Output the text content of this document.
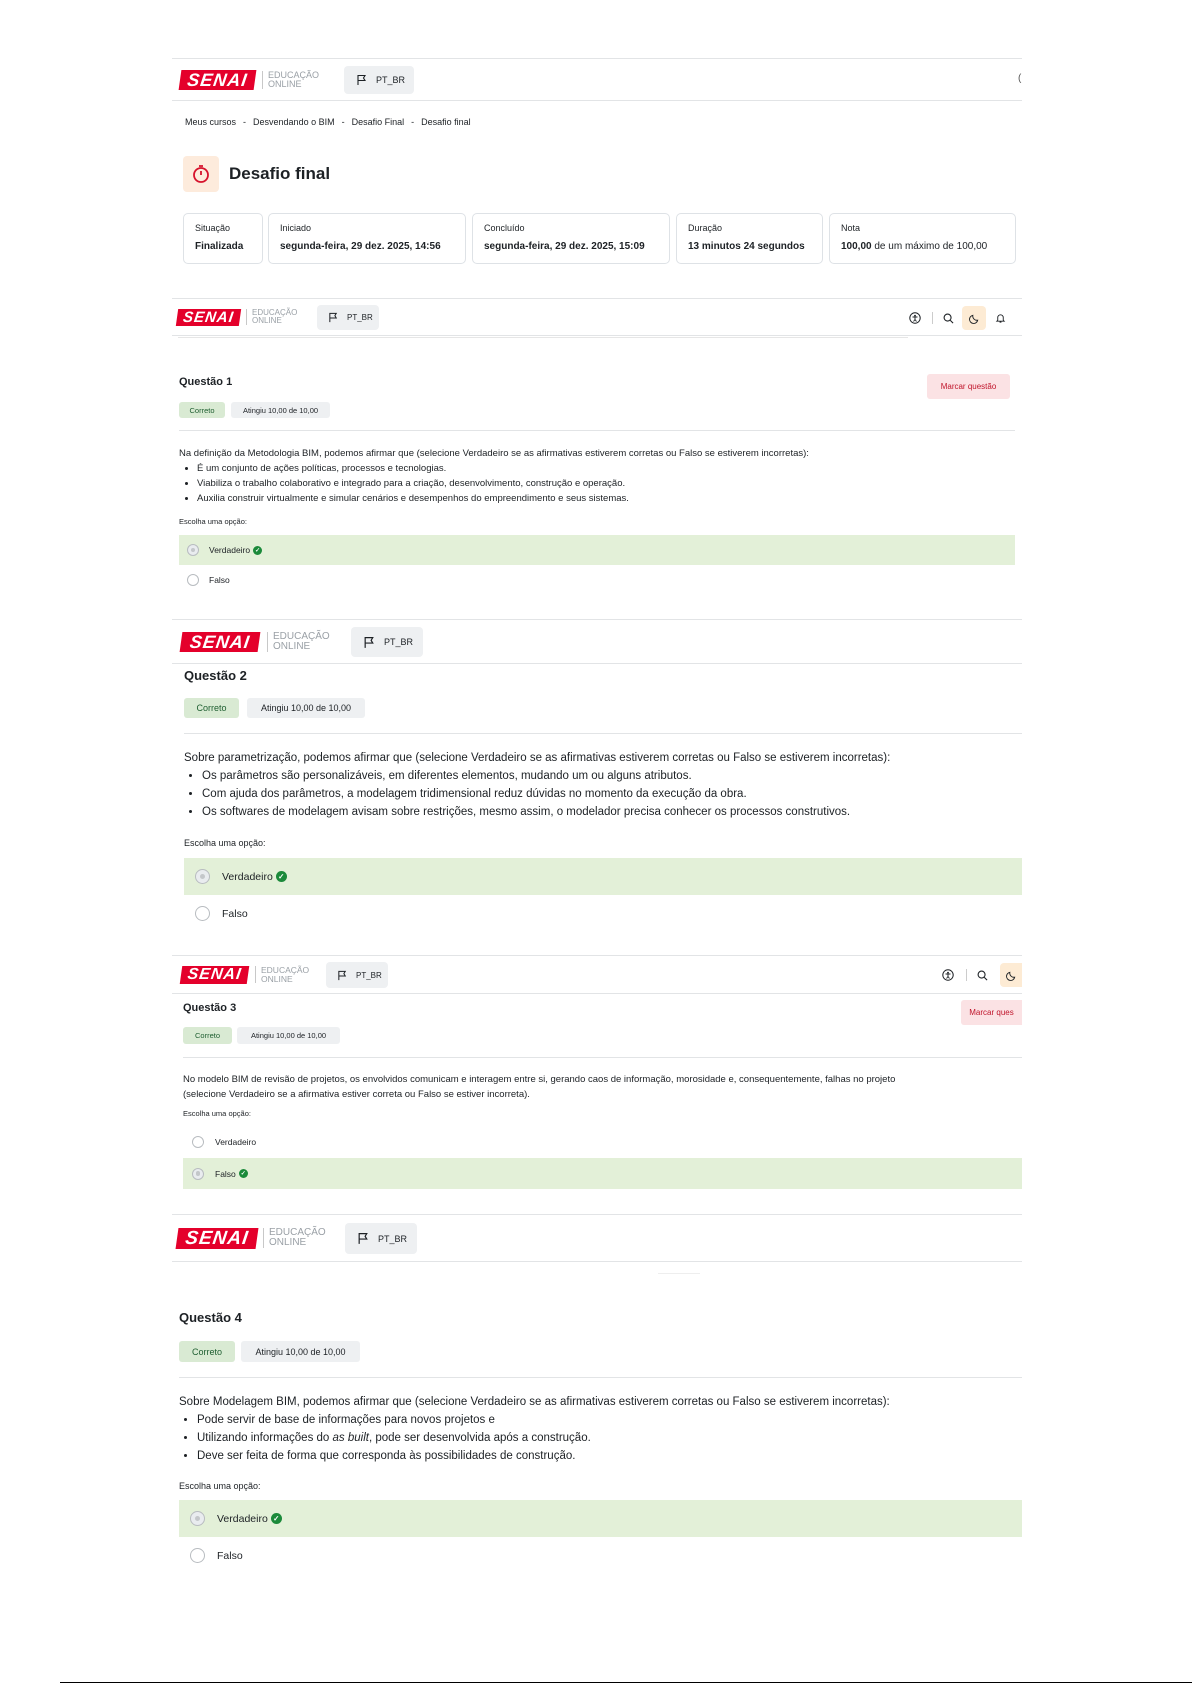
SENAI	EDUCAÇÃO
ONLINE	PT_BR	(
Meus cursos - Desvendando o BIM - Desafio Final - Desafio final
Desafio final
Situação
Finalizada
Iniciado
segunda-feira, 29 dez. 2025, 14:56
Concluído
segunda-feira, 29 dez. 2025, 15:09
Duração
13 minutos 24 segundos
Nota
100,00 de um máximo de 100,00
SENAI	EDUCAÇÃO
ONLINE	PT_BR
Questão 1	Marcar questão
Correto	Atingiu 10,00 de 10,00
Na definição da Metodologia BIM, podemos afirmar que (selecione Verdadeiro se as afirmativas estiverem corretas ou Falso se estiverem incorretas):
• É um conjunto de ações políticas, processos e tecnologias.
• Viabiliza o trabalho colaborativo e integrado para a criação, desenvolvimento, construção e operação.
• Auxilia construir virtualmente e simular cenários e desempenhos do empreendimento e seus sistemas.
Escolha uma opção:
Verdadeiro ✓
Falso
SENAI	EDUCAÇÃO
ONLINE	PT_BR
Questão 2
Correto	Atingiu 10,00 de 10,00
Sobre parametrização, podemos afirmar que (selecione Verdadeiro se as afirmativas estiverem corretas ou Falso se estiverem incorretas):
• Os parâmetros são personalizáveis, em diferentes elementos, mudando um ou alguns atributos.
• Com ajuda dos parâmetros, a modelagem tridimensional reduz dúvidas no momento da execução da obra.
• Os softwares de modelagem avisam sobre restrições, mesmo assim, o modelador precisa conhecer os processos construtivos.
Escolha uma opção:
Verdadeiro ✓
Falso
SENAI	EDUCAÇÃO
ONLINE	PT_BR
Questão 3	Marcar ques
Correto	Atingiu 10,00 de 10,00
No modelo BIM de revisão de projetos, os envolvidos comunicam e interagem entre si, gerando caos de informação, morosidade e, consequentemente, falhas no projeto
(selecione Verdadeiro se a afirmativa estiver correta ou Falso se estiver incorreta).
Escolha uma opção:
Verdadeiro
Falso ✓
SENAI	EDUCAÇÃO
ONLINE	PT_BR
Questão 4
Correto	Atingiu 10,00 de 10,00
Sobre Modelagem BIM, podemos afirmar que (selecione Verdadeiro se as afirmativas estiverem corretas ou Falso se estiverem incorretas):
• Pode servir de base de informações para novos projetos e
• Utilizando informações do as built, pode ser desenvolvida após a construção.
• Deve ser feita de forma que corresponda às possibilidades de construção.
Escolha uma opção:
Verdadeiro ✓
Falso
